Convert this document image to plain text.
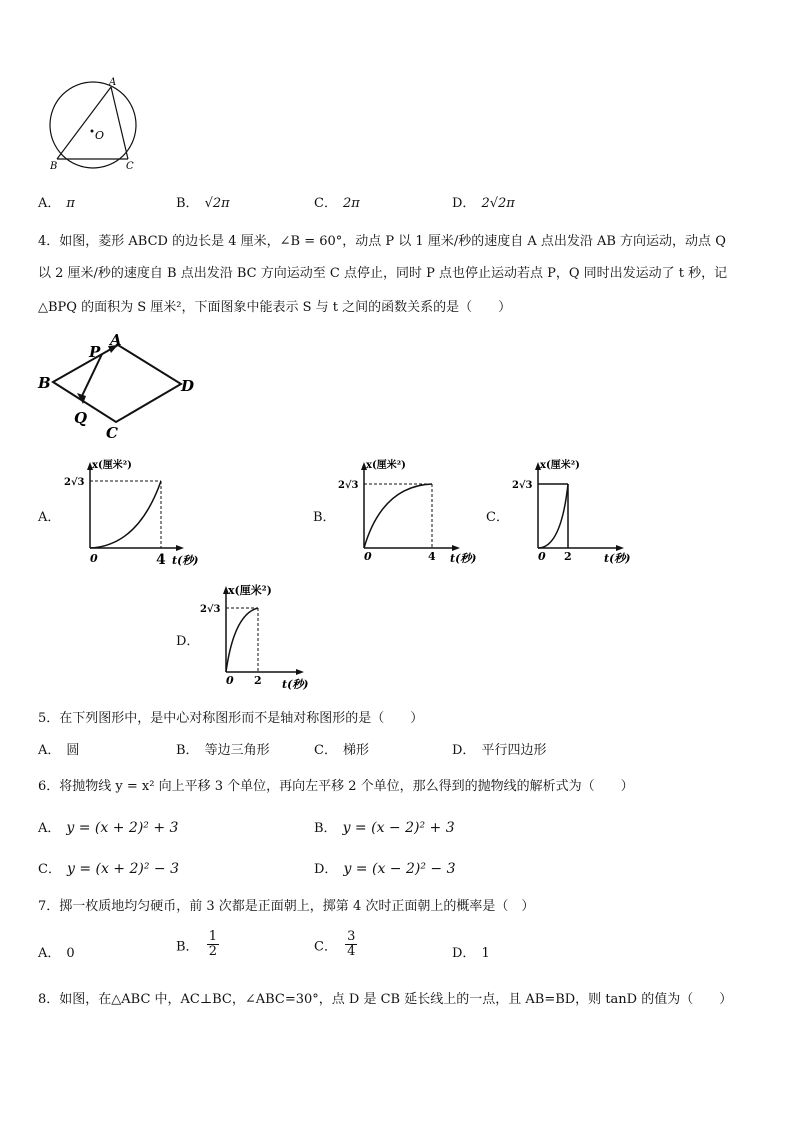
O
A
B	C
A． π	B． √2π	C． 2π	D． 2√2π
4．如图，菱形 ABCD 的边长是 4 厘米，∠B = 60°，动点 P 以 1 厘米/秒的速度自 A 点出发沿 AB 方向运动，动点 Q
以 2 厘米/秒的速度自 B 点出发沿 BC 方向运动至 C 点停止，同时 P 点也停止运动若点 P，Q 同时出发运动了 t 秒，记
△BPQ 的面积为 S 厘米²，下面图象中能表示 S 与 t 之间的函数关系的是（　　）
A
P
B	D
Q
C
A．
x(厘米²)
2√3
0	4 t(秒)
B．
x(厘米²)
2√3
0	4 t(秒)
C．
x(厘米²)
2√3
0 2	t(秒)
D．
x(厘米²)
2√3
0 2 t(秒)
5．在下列图形中，是中心对称图形而不是轴对称图形的是（　　）
A． 圆	B． 等边三角形	C． 梯形	D． 平行四边形
6．将抛物线 y = x² 向上平移 3 个单位，再向左平移 2 个单位，那么得到的抛物线的解析式为（　　）
A． y = (x + 2)² + 3	B． y = (x − 2)² + 3
C． y = (x + 2)² − 3	D． y = (x − 2)² − 3
7．掷一枚质地均匀硬币，前 3 次都是正面朝上，掷第 4 次时正面朝上的概率是（　）
A． 0	B． $\frac{1}{2}$	C． $\frac{3}{4}$	D． 1
8．如图，在△ABC 中，AC⊥BC，∠ABC=30°，点 D 是 CB 延长线上的一点，且 AB=BD，则 tanD 的值为（　　）
